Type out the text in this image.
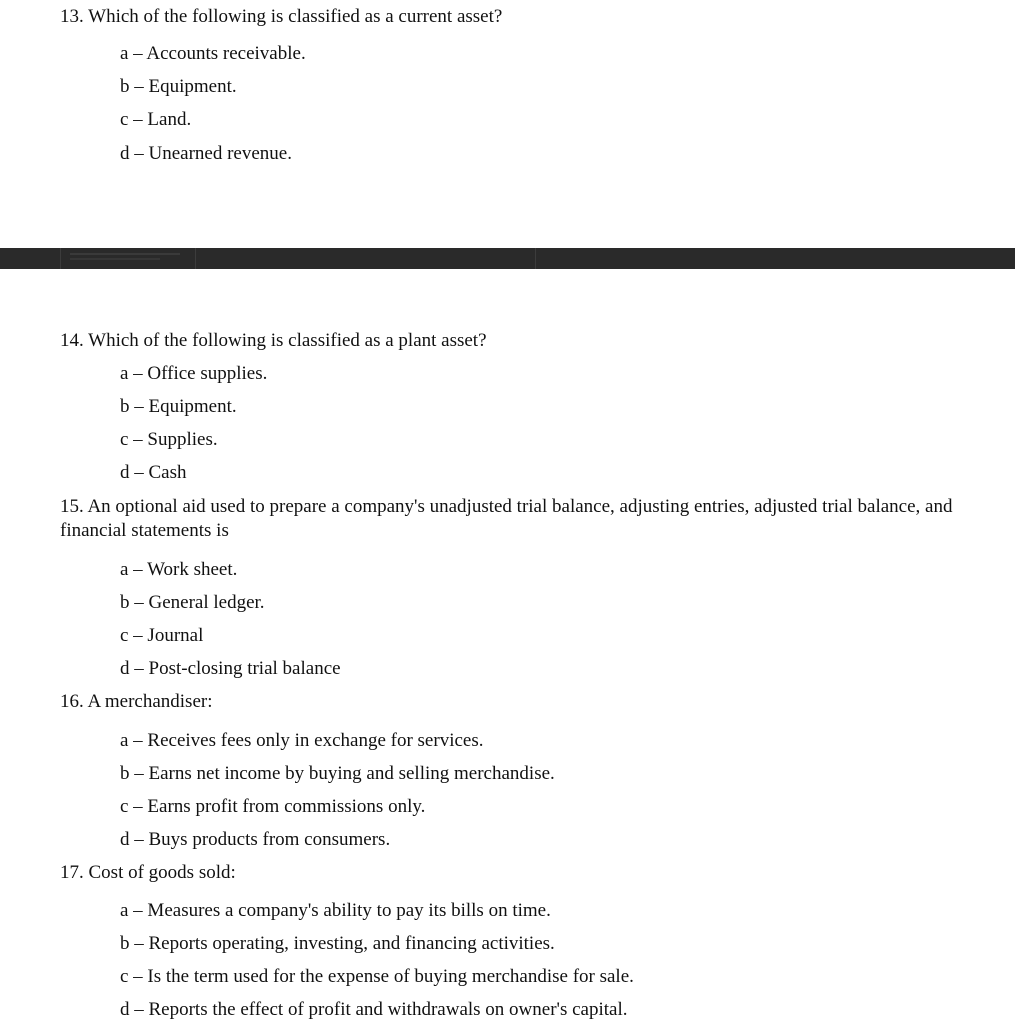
13. Which of the following is classified as a current asset?

a – Accounts receivable.

b – Equipment.

c – Land.

d – Unearned revenue.

14. Which of the following is classified as a plant asset?

a – Office supplies.

b – Equipment.

c – Supplies.

d – Cash

15. An optional aid used to prepare a company's unadjusted trial balance, adjusting entries, adjusted trial balance, and financial statements is

a – Work sheet.

b – General ledger.

c – Journal

d – Post-closing trial balance

16. A merchandiser:

a – Receives fees only in exchange for services.

b – Earns net income by buying and selling merchandise.

c – Earns profit from commissions only.

d – Buys products from consumers.

17. Cost of goods sold:

a – Measures a company's ability to pay its bills on time.

b – Reports operating, investing, and financing activities.

c – Is the term used for the expense of buying merchandise for sale.

d – Reports the effect of profit and withdrawals on owner's capital.
